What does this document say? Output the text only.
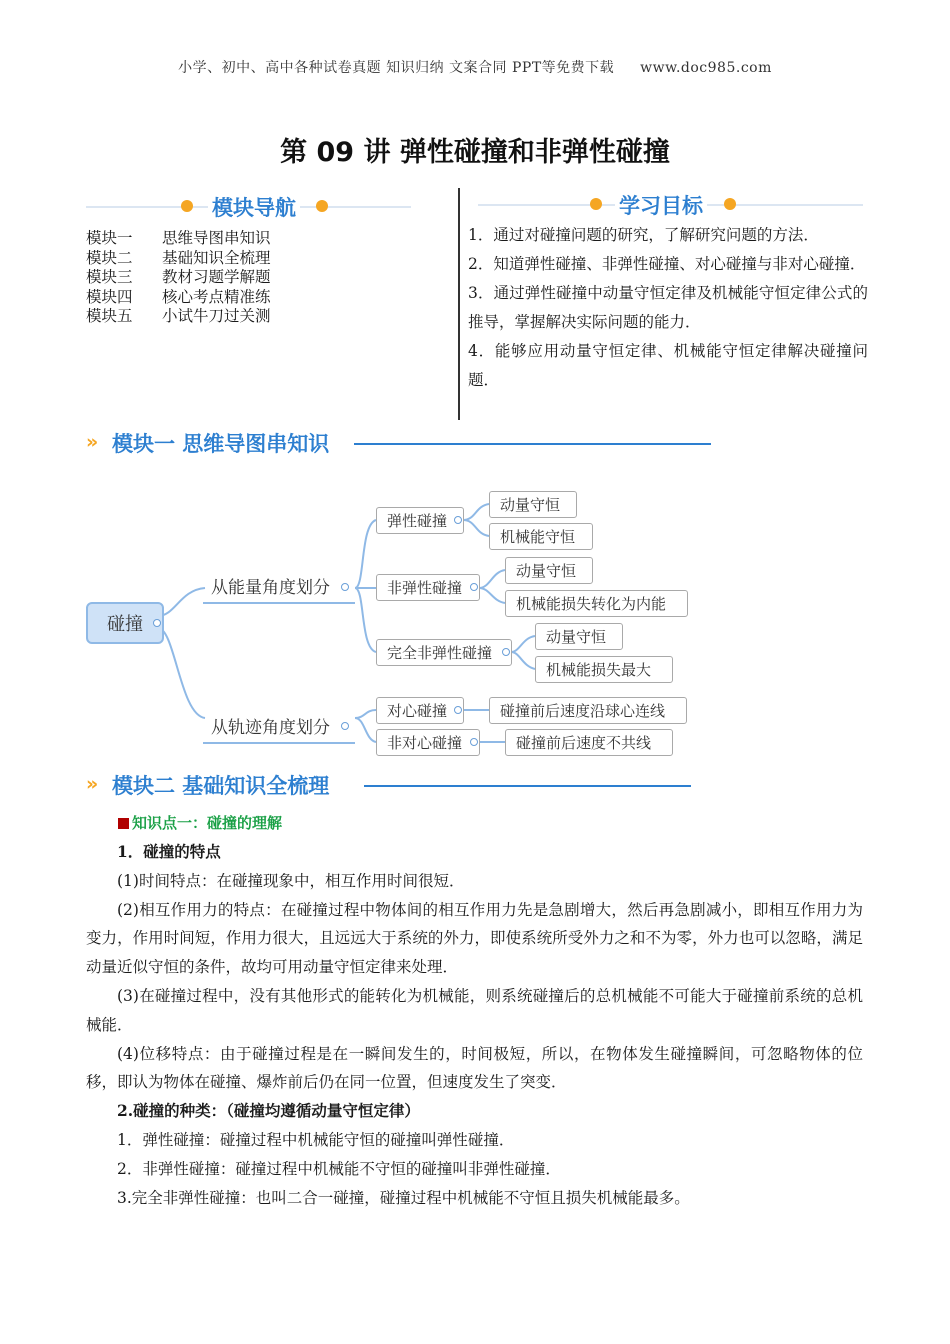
小学、初中、高中各种试卷真题 知识归纳 文案合同 PPT等免费下载 www.doc985.com
第 09 讲 弹性碰撞和非弹性碰撞
模块导航
模块一	思维导图串知识
模块二	基础知识全梳理
模块三	教材习题学解题
模块四	核心考点精准练
模块五	小试牛刀过关测
学习目标

1．通过对碰撞问题的研究，了解研究问题的方法．

2．知道弹性碰撞、非弹性碰撞、对心碰撞与非对心碰撞．

3．通过弹性碰撞中动量守恒定律及机械能守恒定律公式的推导，掌握解决实际问题的能力．

4．能够应用动量守恒定律、机械能守恒定律解决碰撞问题．

» 模块一 思维导图串知识
碰撞
从能量角度划分
从轨迹角度划分
弹性碰撞
动量守恒
机械能守恒
非弹性碰撞
动量守恒
机械能损失转化为内能
完全非弹性碰撞
动量守恒
机械能损失最大
对心碰撞	碰撞前后速度沿球心连线
非对心碰撞	碰撞前后速度不共线
» 模块二 基础知识全梳理
知识点一：碰撞的理解

1．碰撞的特点

(1)时间特点：在碰撞现象中，相互作用时间很短．

(2)相互作用力的特点：在碰撞过程中物体间的相互作用力先是急剧增大，然后再急剧减小，即相互作用力为变力，作用时间短，作用力很大，且远远大于系统的外力，即使系统所受外力之和不为零，外力也可以忽略，满足动量近似守恒的条件，故均可用动量守恒定律来处理．

(3)在碰撞过程中，没有其他形式的能转化为机械能，则系统碰撞后的总机械能不可能大于碰撞前系统的总机械能．

(4)位移特点：由于碰撞过程是在一瞬间发生的，时间极短，所以，在物体发生碰撞瞬间，可忽略物体的位移，即认为物体在碰撞、爆炸前后仍在同一位置，但速度发生了突变．

2.碰撞的种类：（碰撞均遵循动量守恒定律）

1．弹性碰撞：碰撞过程中机械能守恒的碰撞叫弹性碰撞．

2．非弹性碰撞：碰撞过程中机械能不守恒的碰撞叫非弹性碰撞．

3.完全非弹性碰撞：也叫二合一碰撞，碰撞过程中机械能不守恒且损失机械能最多。
